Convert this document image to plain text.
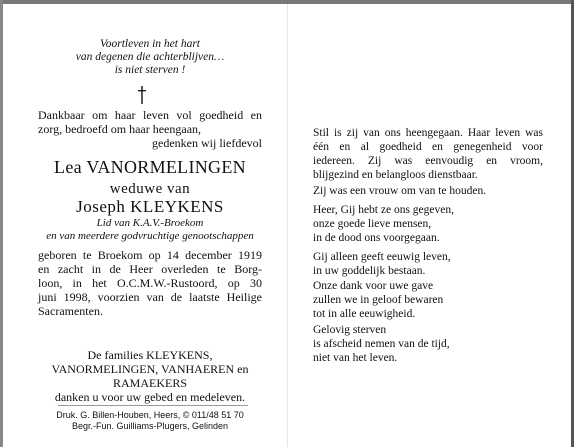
Voortleven in het hart
van degenen die achterblijven…
is niet sterven !
Dankbaar om haar leven vol goedheid en
zorg, bedroefd om haar heengaan,
gedenken wij liefdevol
Lea VANORMELINGEN
weduwe van
Joseph KLEYKENS
Lid van K.A.V.-Broekom
en van meerdere godvruchtige genootschappen
geboren te Broekom op 14 december 1919
en zacht in de Heer overleden te Borg-
loon, in het O.C.M.W.-Rustoord, op 30
juni 1998, voorzien van de laatste Heilige
Sacramenten.
De families KLEYKENS,
VANORMELINGEN, VANHAEREN en
RAMAEKERS
danken u voor uw gebed en medeleven.
Druk. G. Billen-Houben, Heers, © 011/48 51 70
Begr.-Fun. Guilliams-Plugers, Gelinden
Stil is zij van ons heengegaan. Haar leven was
één en al goedheid en genegenheid voor
iedereen. Zij was eenvoudig en vroom,
blijgezind en belangloos dienstbaar.
Zij was een vrouw om van te houden.
Heer, Gij hebt ze ons gegeven,
onze goede lieve mensen,
in de dood ons voorgegaan.
Gij alleen geeft eeuwig leven,
in uw goddelijk bestaan.
Onze dank voor uwe gave
zullen we in geloof bewaren
tot in alle eeuwigheid.
Gelovig sterven
is afscheid nemen van de tijd,
niet van het leven.
